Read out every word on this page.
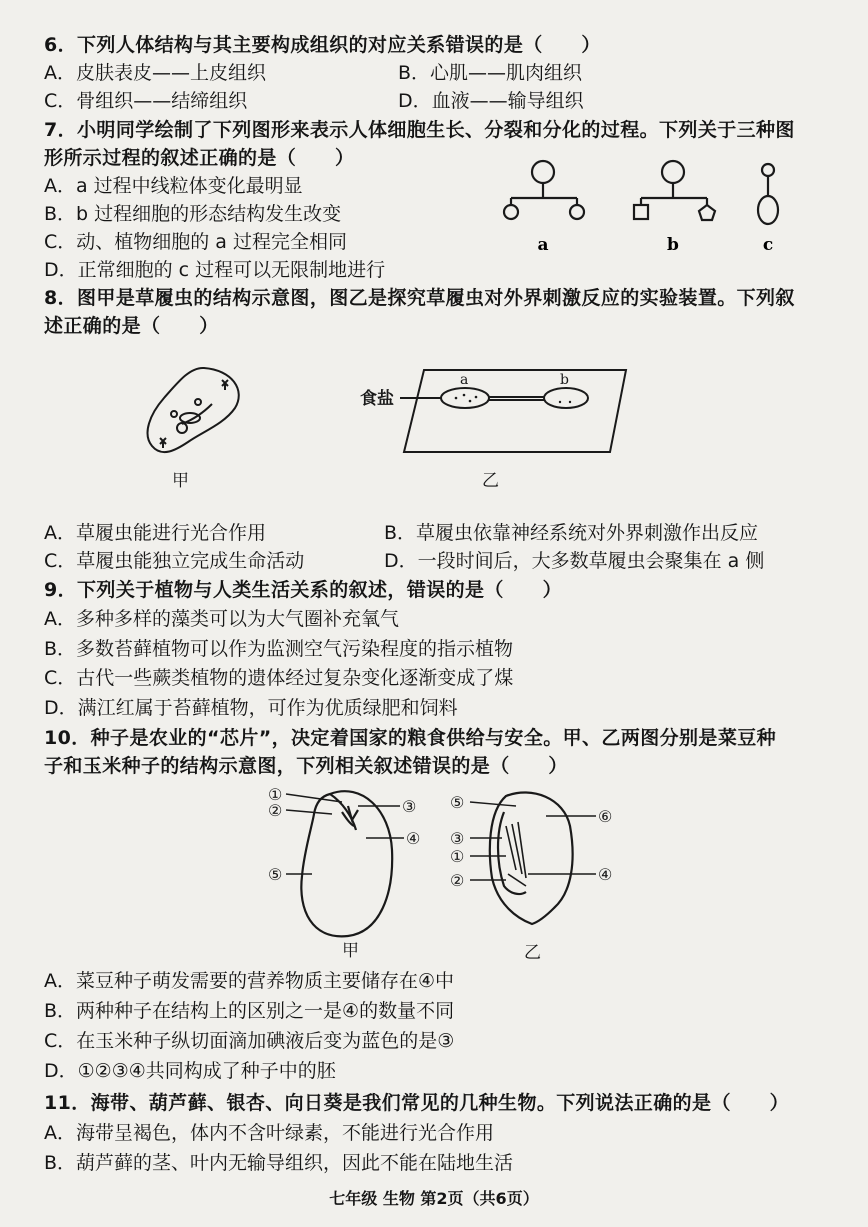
6．下列人体结构与其主要构成组织的对应关系错误的是（　　）
A．皮肤表皮——上皮组织	B．心肌——肌肉组织
C．骨组织——结缔组织	D．血液——输导组织
7．小明同学绘制了下列图形来表示人体细胞生长、分裂和分化的过程。下列关于三种图
形所示过程的叙述正确的是（　　）
A．a 过程中线粒体变化最明显
B．b 过程细胞的形态结构发生改变
C．动、植物细胞的 a 过程完全相同
D．正常细胞的 c 过程可以无限制地进行
a	b	c
8．图甲是草履虫的结构示意图，图乙是探究草履虫对外界刺激反应的实验装置。下列叙
述正确的是（　　）
甲
食盐
a	b
乙
A．草履虫能进行光合作用	B．草履虫依靠神经系统对外界刺激作出反应
C．草履虫能独立完成生命活动	D．一段时间后，大多数草履虫会聚集在 a 侧
9．下列关于植物与人类生活关系的叙述，错误的是（　　）
A．多种多样的藻类可以为大气圈补充氧气
B．多数苔藓植物可以作为监测空气污染程度的指示植物
C．古代一些蕨类植物的遗体经过复杂变化逐渐变成了煤
D．满江红属于苔藓植物，可作为优质绿肥和饲料
10．种子是农业的“芯片”，决定着国家的粮食供给与安全。甲、乙两图分别是菜豆种
子和玉米种子的结构示意图，下列相关叙述错误的是（　　）
①
②	③
④
⑤
甲
⑤
③
①
②
⑥
④
乙
A．菜豆种子萌发需要的营养物质主要储存在④中
B．两种种子在结构上的区别之一是④的数量不同
C．在玉米种子纵切面滴加碘液后变为蓝色的是③
D．①②③④共同构成了种子中的胚
11．海带、葫芦藓、银杏、向日葵是我们常见的几种生物。下列说法正确的是（　　）
A．海带呈褐色，体内不含叶绿素，不能进行光合作用
B．葫芦藓的茎、叶内无输导组织，因此不能在陆地生活
七年级 生物 第2页（共6页）
